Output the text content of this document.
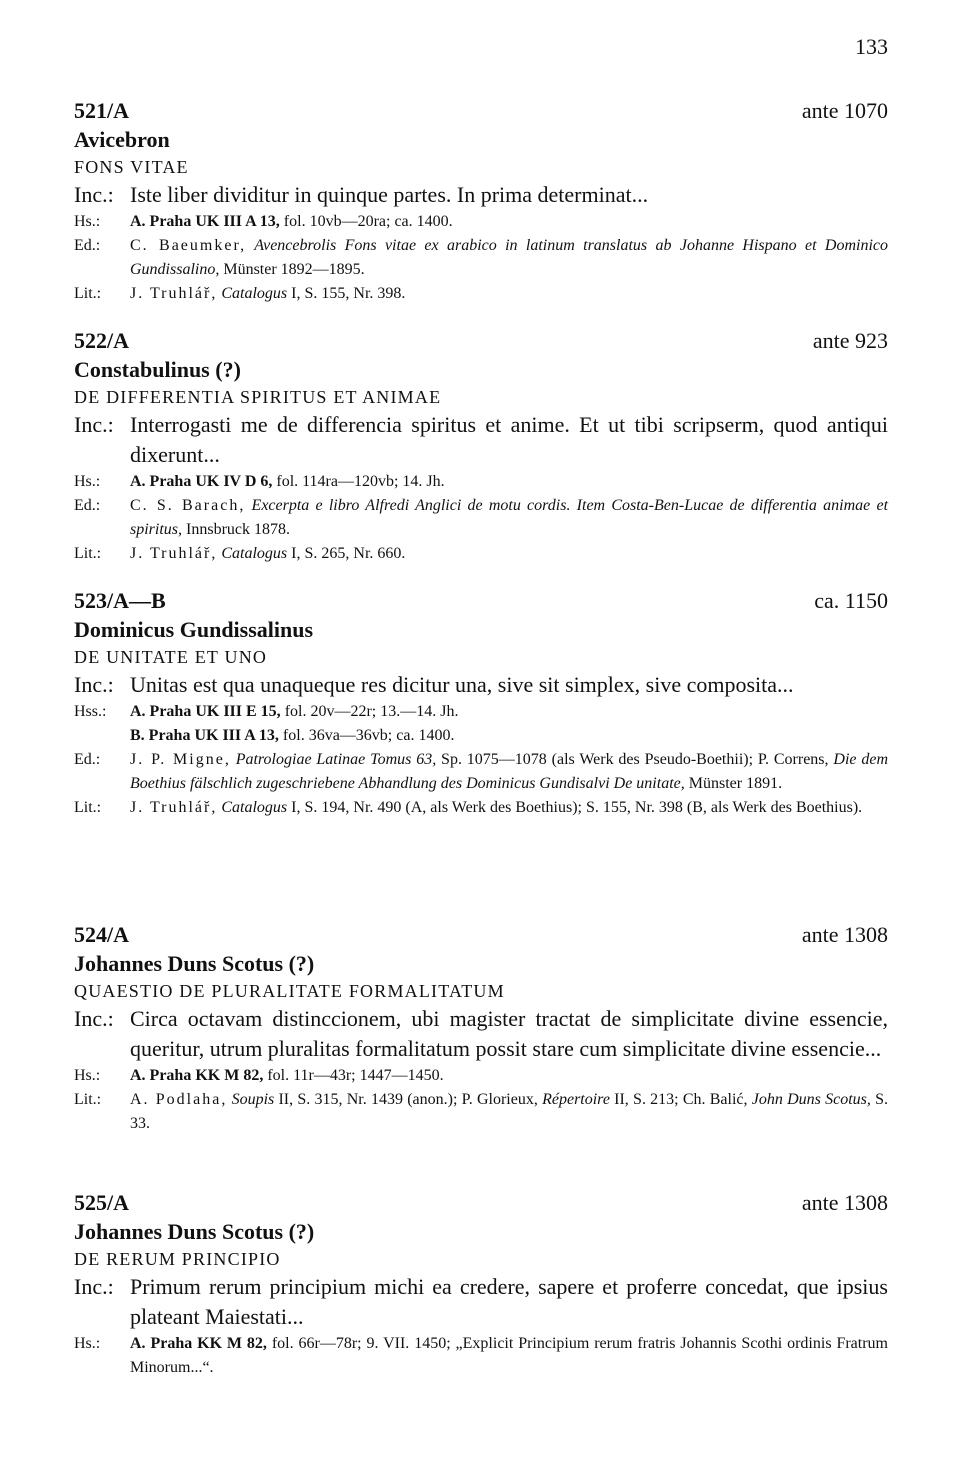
133
521/A	ante 1070
Avicebron
FONS VITAE
Inc.: Iste liber dividitur in quinque partes. In prima determinat...
Hs.:	A. Praha UK III A 13, fol. 10vb—20ra; ca. 1400.
Ed.:	C. Baeumker, Avencebrolis Fons vitae ex arabico in latinum translatus ab Johanne Hispano et Dominico Gundissalino, Münster 1892—1895.
Lit.:	J. Truhlář, Catalogus I, S. 155, Nr. 398.
522/A	ante 923
Constabulinus (?)
DE DIFFERENTIA SPIRITUS ET ANIMAE
Inc.: Interrogasti me de differencia spiritus et anime. Et ut tibi scripserm, quod antiqui dixerunt...
Hs.:	A. Praha UK IV D 6, fol. 114ra—120vb; 14. Jh.
Ed.:	C. S. Barach, Excerpta e libro Alfredi Anglici de motu cordis. Item Costa-Ben-Lucae de differentia animae et spiritus, Innsbruck 1878.
Lit.:	J. Truhlář, Catalogus I, S. 265, Nr. 660.
523/A—B	ca. 1150
Dominicus Gundissalinus
DE UNITATE ET UNO
Inc.: Unitas est qua unaqueque res dicitur una, sive sit simplex, sive composita...
Hss.:	A. Praha UK III E 15, fol. 20v—22r; 13.—14. Jh.
B. Praha UK III A 13, fol. 36va—36vb; ca. 1400.
Ed.:	J. P. Migne, Patrologiae Latinae Tomus 63, Sp. 1075—1078 (als Werk des Pseudo-Boethii); P. Correns, Die dem Boethius fälschlich zugeschriebene Abhandlung des Dominicus Gundisalvi De unitate, Münster 1891.
Lit.:	J. Truhlář, Catalogus I, S. 194, Nr. 490 (A, als Werk des Boethius); S. 155, Nr. 398 (B, als Werk des Boethius).
524/A	ante 1308
Johannes Duns Scotus (?)
QUAESTIO DE PLURALITATE FORMALITATUM
Inc.: Circa octavam distinccionem, ubi magister tractat de simplicitate divine essencie, queritur, utrum pluralitas formalitatum possit stare cum simplicitate divine essencie...
Hs.:	A. Praha KK M 82, fol. 11r—43r; 1447—1450.
Lit.:	A. Podlaha, Soupis II, S. 315, Nr. 1439 (anon.); P. Glorieux, Répertoire II, S. 213; Ch. Balić, John Duns Scotus, S. 33.
525/A	ante 1308
Johannes Duns Scotus (?)
DE RERUM PRINCIPIO
Inc.: Primum rerum principium michi ea credere, sapere et proferre concedat, que ipsius plateant Maiestati...
Hs.:	A. Praha KK M 82, fol. 66r—78r; 9. VII. 1450; „Explicit Principium rerum fratris Johannis Scothi ordinis Fratrum Minorum...“.
